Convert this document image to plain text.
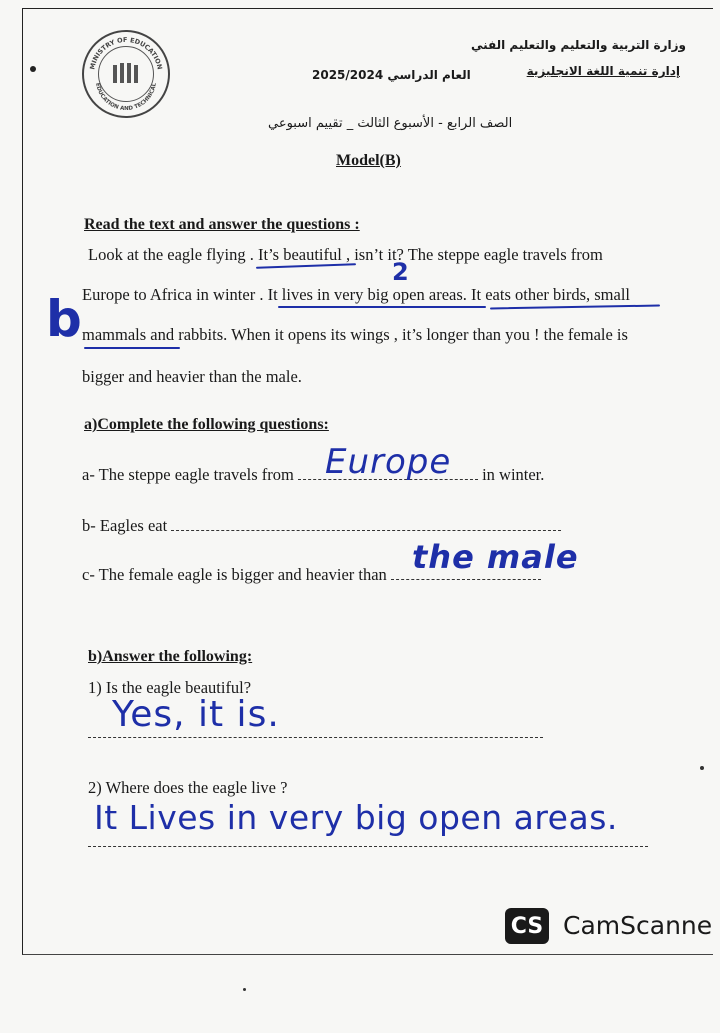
MINISTRY OF EDUCATION
EDUCATION AND TECHNICAL
وزارة التربية والتعليم والتعليم الفني
إدارة تنمية اللغة الانجليزية
العام الدراسي 2025/2024
الصف الرابع - الأسبوع الثالث _ تقييم اسبوعي
Model(B)
Read the text and answer the questions :
Look at the eagle flying . It’s beautiful , isn’t it? The steppe eagle travels from
Europe to Africa in winter . It lives in very big open areas. It eats other birds, small
mammals and rabbits. When it opens its wings , it’s longer than you ! the female is
bigger and heavier than the male.
b
2
a)Complete the following questions:
a- The steppe eagle travels from	in winter.
Europe
b- Eagles eat
c- The female eagle is bigger and heavier than the male
b)Answer the following:
1) Is the eagle beautiful?
Yes, it is.
2) Where does the eagle live ?
It Lives in very big open areas.
CS CamScanne
